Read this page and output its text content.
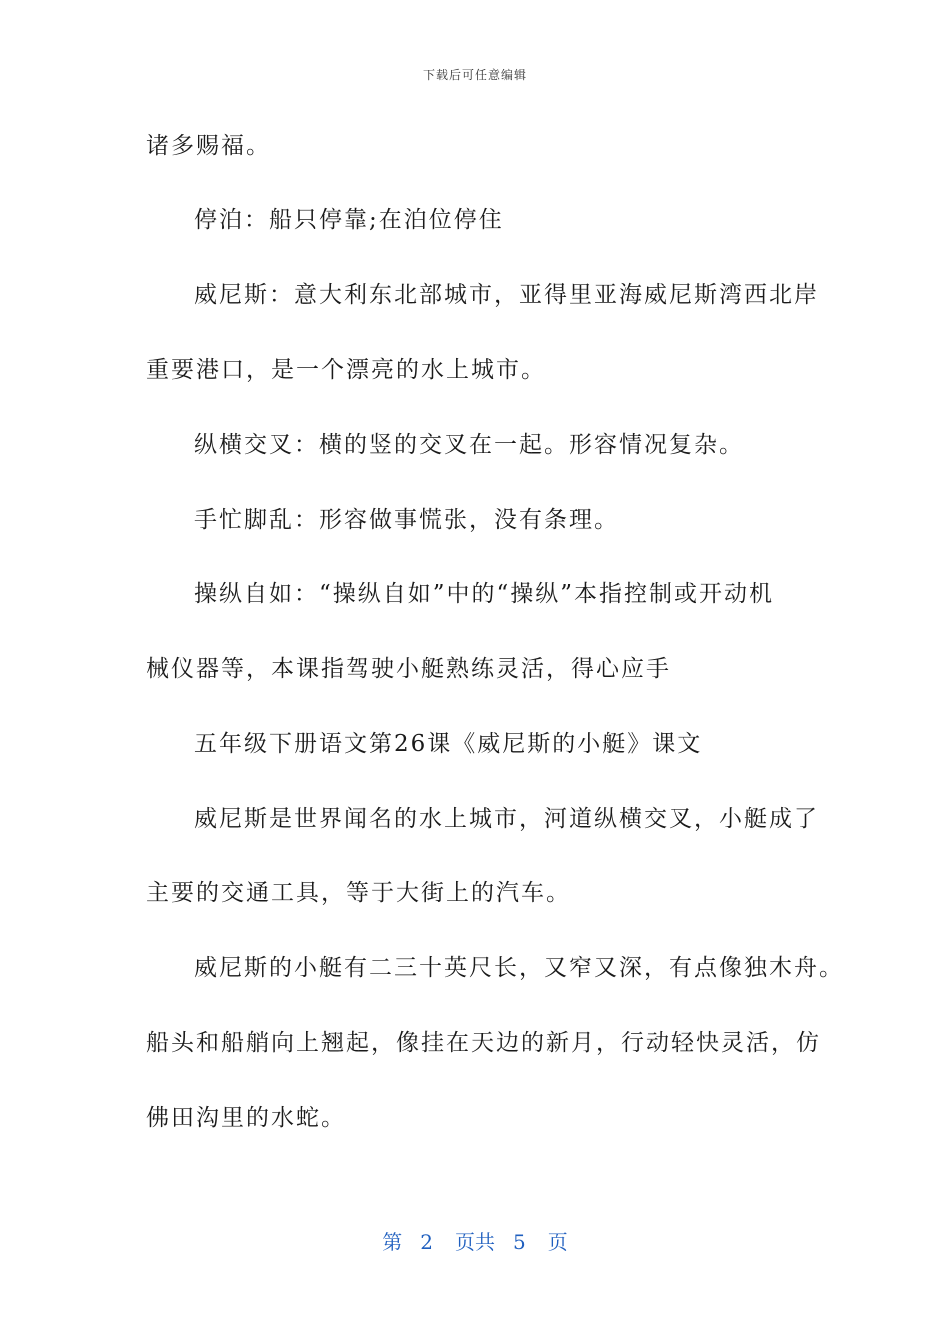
下载后可任意编辑
诸多赐福。
停泊：船只停靠;在泊位停住
威尼斯：意大利东北部城市，亚得里亚海威尼斯湾西北岸
重要港口，是一个漂亮的水上城市。
纵横交叉：横的竖的交叉在一起。形容情况复杂。
手忙脚乱：形容做事慌张，没有条理。
操纵自如：“操纵自如”中的“操纵”本指控制或开动机
械仪器等，本课指驾驶小艇熟练灵活，得心应手
五年级下册语文第26课《威尼斯的小艇》课文
威尼斯是世界闻名的水上城市，河道纵横交叉，小艇成了
主要的交通工具，等于大街上的汽车。
威尼斯的小艇有二三十英尺长，又窄又深，有点像独木舟。
船头和船艄向上翘起，像挂在天边的新月，行动轻快灵活，仿
佛田沟里的水蛇。
第 2 页共 5 页
